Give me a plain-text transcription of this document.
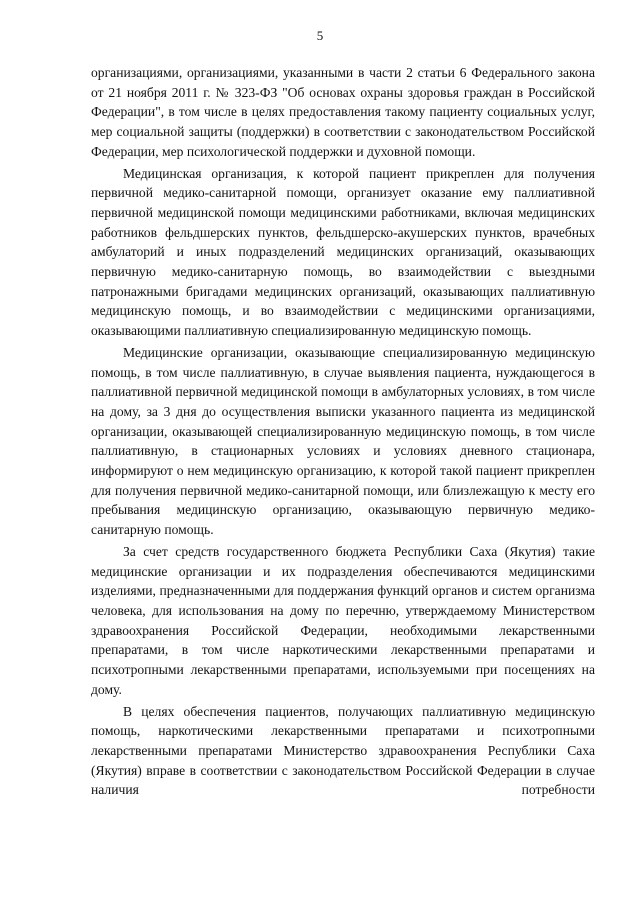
5

организациями, организациями, указанными в части 2 статьи 6 Федерального закона от 21 ноября 2011 г. № 323-ФЗ "Об основах охраны здоровья граждан в Российской Федерации", в том числе в целях предоставления такому пациенту социальных услуг, мер социальной защиты (поддержки) в соответствии с законодательством Российской Федерации, мер психологической поддержки и духовной помощи.

Медицинская организация, к которой пациент прикреплен для получения первичной медико-санитарной помощи, организует оказание ему паллиативной первичной медицинской помощи медицинскими работниками, включая медицинских работников фельдшерских пунктов, фельдшерско-акушерских пунктов, врачебных амбулаторий и иных подразделений медицинских организаций, оказывающих первичную медико-санитарную помощь, во взаимодействии с выездными патронажными бригадами медицинских организаций, оказывающих паллиативную медицинскую помощь, и во взаимодействии с медицинскими организациями, оказывающими паллиативную специализированную медицинскую помощь.

Медицинские организации, оказывающие специализированную медицинскую помощь, в том числе паллиативную, в случае выявления пациента, нуждающегося в паллиативной первичной медицинской помощи в амбулаторных условиях, в том числе на дому, за 3 дня до осуществления выписки указанного пациента из медицинской организации, оказывающей специализированную медицинскую помощь, в том числе паллиативную, в стационарных условиях и условиях дневного стационара, информируют о нем медицинскую организацию, к которой такой пациент прикреплен для получения первичной медико-санитарной помощи, или близлежащую к месту его пребывания медицинскую организацию, оказывающую первичную медико-санитарную помощь.

За счет средств государственного бюджета Республики Саха (Якутия) такие медицинские организации и их подразделения обеспечиваются медицинскими изделиями, предназначенными для поддержания функций органов и систем организма человека, для использования на дому по перечню, утверждаемому Министерством здравоохранения Российской Федерации, необходимыми лекарственными препаратами, в том числе наркотическими лекарственными препаратами и психотропными лекарственными препаратами, используемыми при посещениях на дому.

В целях обеспечения пациентов, получающих паллиативную медицинскую помощь, наркотическими лекарственными препаратами и психотропными лекарственными препаратами Министерство здравоохранения Республики Саха (Якутия) вправе в соответствии с законодательством Российской Федерации в случае наличия потребности
